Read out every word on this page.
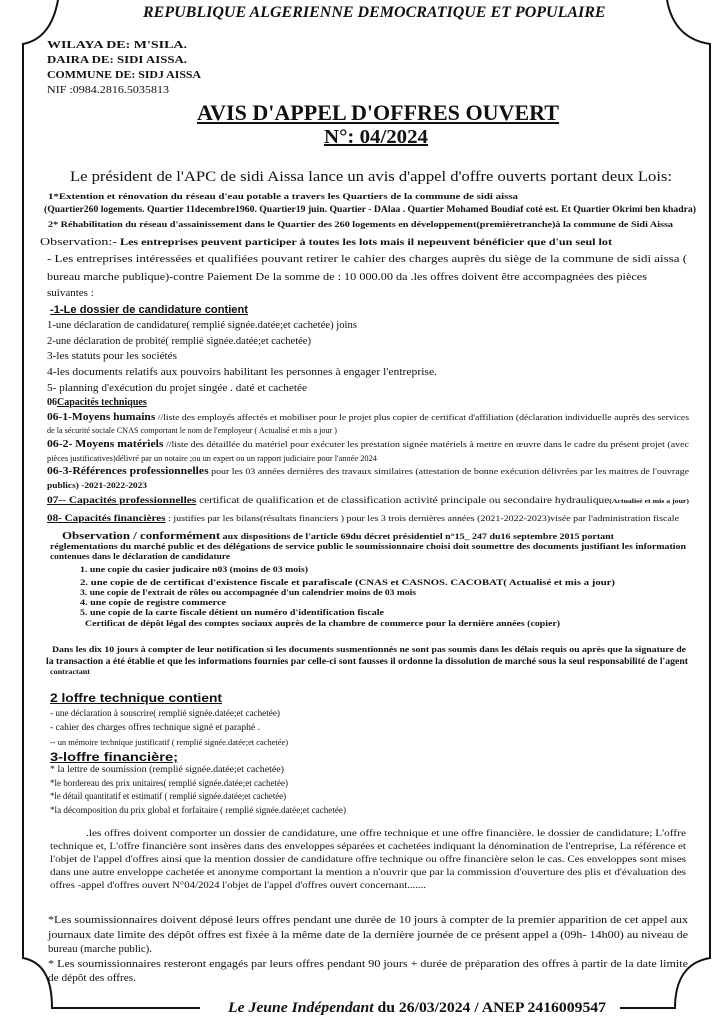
REPUBLIQUE ALGERIENNE DEMOCRATIQUE ET POPULAIRE
WILAYA DE: M'SILA.
DAIRA DE: SIDI AISSA.
COMMUNE DE: SIDJ AISSA
NIF :0984.2816.5035813
AVIS D'APPEL D'OFFRES OUVERT
N°: 04/2024
Le président de l'APC de sidi Aissa lance un avis d'appel d'offre ouverts portant deux Lois:
1*Extention et rénovation du réseau d'eau potable a travers les Quartiers de la commune de sidi aissa
(Quartier260 logements. Quartier 11decembre1960. Quartier19 juin. Quartier - DAlaa . Quartier Mohamed Boudiaf coté est. Et Quartier Okrimi ben khadra)
2* Réhabilitation du réseau d'assainissement dans le Quartier des 260 logements en développement(premièretranche)à la commune de Sidi Aissa
Observation:- Les entreprises peuvent participer à toutes les lots mais il nepeuvent bénéficier que d'un seul lot
- Les entreprises intéressées et qualifiées pouvant retirer le cahier des charges auprès du siège de la commune de sidi aissa (
bureau marche publique)-contre Paiement De la somme de : 10 000.00 da .les offres doivent être accompagnées des pièces
suivantes :
-1-Le dossier de candidature contient
1-une déclaration de candidature( remplié signée.datée;et cachetée) joins
2-une déclaration de probité( remplié signée.datée;et cachetée)
3-les statuts pour les sociétés
4-les documents relatifs aux pouvoirs habilitant les personnes à engager l'entreprise.
5- planning d'exécution du projet singée . daté et cachetée
06Capacités techniques
06-1-Moyens humains //liste des employés affectés et mobiliser pour le projet plus copier de certificat d'affiliation (déclaration individuelle auprès des services
de la sécurité sociale CNAS comportant le nom de l'employeur ( Actualisé et mis a jour )
06-2- Moyens matériels //liste des détaillée du matériel pour exécuter les prestation signée matériels à mettre en œuvre dans le cadre du présent projet (avec
pièces justificatives)délivré par un notaire ;ou un expert ou un rapport judiciaire pour l'année 2024
06-3-Références professionnelles pour les 03 années dernières des travaux similaires (attestation de bonne exécution délivrées par les maitres de l'ouvrage
publics) -2021-2022-2023
07-- Capacités professionnelles certificat de qualification et de classification activité principale ou secondaire hydraulique(Actualisé et mis a jour)
08- Capacités financières : justifies par les bilans(résultats financiers ) pour les 3 trois dernières années (2021-2022-2023)visée par l'administration fiscale
Observation / conformément aux dispositions de l'article 69du décret présidentiel n°15_ 247 du16 septembre 2015 portant
réglementations du marché public et des délégations de service public le soumissionnaire choisi doit soumettre des documents justifiant les information
contenues dans le déclaration de candidature
1. une copie du casier judicaire n03 (moins de 03 mois)
2. une copie de de certificat d'existence fiscale et parafiscale (CNAS et CASNOS. CACOBAT( Actualisé et mis a jour)
3. une copie de l'extrait de rôles ou accompagnée d'un calendrier moins de 03 mois
4. une copie de registre commerce
5. une copie de la carte fiscale détient un numéro d'identification fiscale
Certificat de dépôt légal des comptes sociaux auprès de la chambre de commerce pour la dernière années (copier)
Dans les dix 10 jours à compter de leur notification si les documents susmentionnés ne sont pas soumis dans les délais requis ou après que la signature de
la transaction a été établie et que les informations fournies par celle-ci sont fausses il ordonne la dissolution de marché sous la seul responsabilité de l'agent
contractant
2 loffre technique contient
- une déclaration à souscrire( remplié signée.datée;et cachetée)
- cahier des charges offres technique signé et paraphé .
-- un mémoire technique justificatif ( remplié signée.datée;et cachetée)
3-loffre financière;
* la lettre de soumission (remplié signée.datée;et cachetée)
*le bordereau des prix unitaires( remplié signée.datée;et cachetée)
*le détail quantitatif et estimatif ( remplié signée.datée;et cachetée)
*la décomposition du prix global et forfaitaire ( remplié signée.datée;et cachetée)
.les offres doivent comporter un dossier de candidature, une offre technique et une offre financière. le dossier de candidature; L'offre
technique et, L'offre financière sont insères dans des enveloppes séparées et cachetées indiquant la dénomination de l'entreprise, La référence et
l'objet de l'appel d'offres ainsi que la mention dossier de candidature offre technique ou offre financière selon le cas. Ces enveloppes sont mises
dans une autre enveloppe cachetée et anonyme comportant la mention a n'ouvrir que par la commission d'ouverture des plis et d'évaluation des
offres -appel d'offres ouvert N°04/2024 l'objet de l'appel d'offres ouvert concernant.......
*Les soumissionnaires doivent déposé leurs offres pendant une durée de 10 jours à compter de la premier apparition de cet appel aux
journaux date limite des dépôt offres est fixée à la même date de la dernière journée de ce présent appel a (09h- 14h00) au niveau de
bureau (marche public).
* Les soumissionnaires resteront engagés par leurs offres pendant 90 jours + durée de préparation des offres à partir de la date limite
de dépôt des offres.
Le Jeune Indépendant du 26/03/2024 / ANEP 2416009547
